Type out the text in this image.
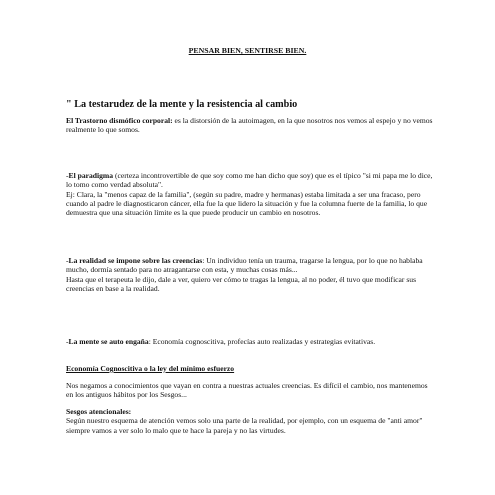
PENSAR BIEN, SENTIRSE BIEN.

" La testarudez de la mente y la resistencia al cambio

El Trastorno dismófico corporal: es la distorsión de la autoimagen, en la que nosotros nos vemos al espejo y no vemos realmente lo que somos.

-El paradigma (certeza incontrovertible de que soy como me han dicho que soy) que es el típico "si mi papa me lo dice, lo tomo como verdad absoluta".
Ej: Clara, la "menos capaz de la familia", (según su padre, madre y hermanas) estaba limitada a ser una fracaso, pero cuando al padre le diagnosticaron cáncer, ella fue la que lidero la situación y fue la columna fuerte de la familia, lo que demuestra que una situación límite es la que puede producir un cambio en nosotros.

-La realidad se impone sobre las creencias: Un individuo tenía un trauma, tragarse la lengua, por lo que no hablaba mucho, dormía sentado para no atragantarse con esta, y muchas cosas más...
Hasta que el terapeuta le dijo, dale a ver, quiero ver cómo te tragas la lengua, al no poder, él tuvo que modificar sus creencias en base a la realidad.

-La mente se auto engaña: Economía cognoscitiva, profecías auto realizadas y estrategias evitativas.

Economía Cognoscitiva o la ley del mínimo esfuerzo

Nos negamos a conocimientos que vayan en contra a nuestras actuales creencias. Es difícil el cambio, nos mantenemos en los antiguos hábitos por los Sesgos...

Sesgos atencionales:
Según nuestro esquema de atención vemos solo una parte de la realidad, por ejemplo, con un esquema de "anti amor" siempre vamos a ver solo lo malo que te hace la pareja y no las virtudes.
